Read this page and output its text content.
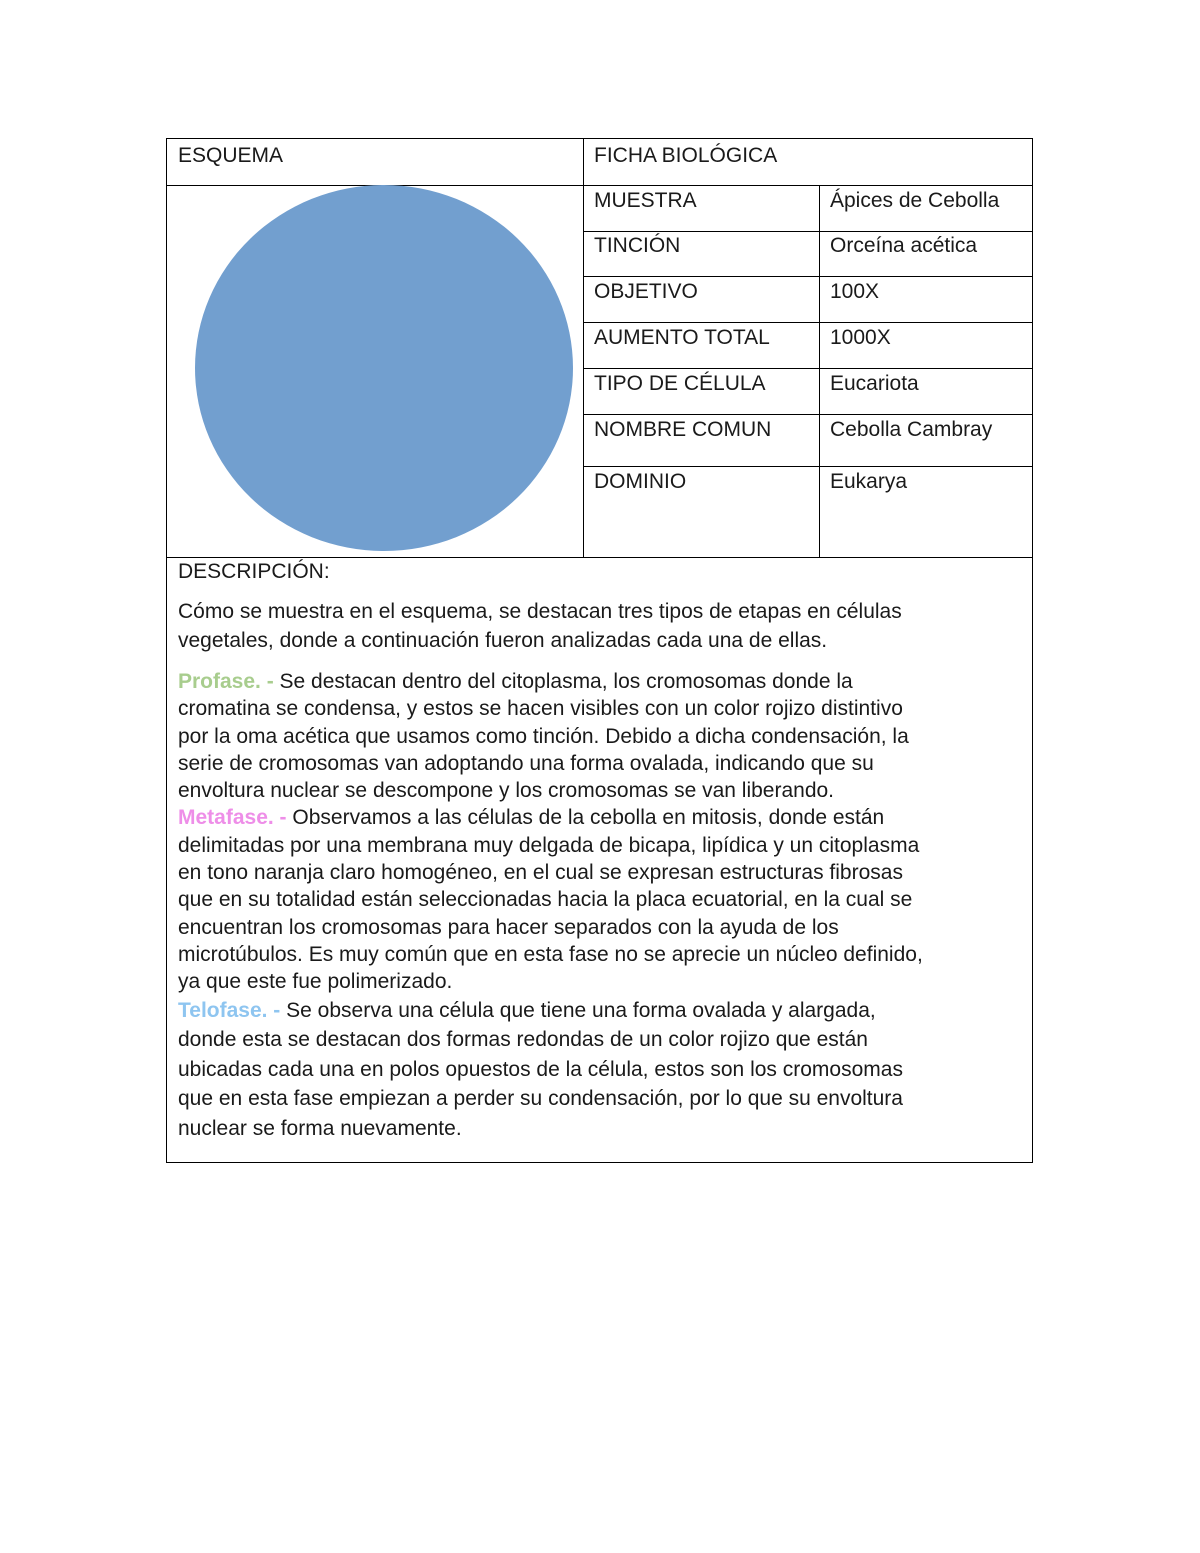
ESQUEMA	FICHA BIOLÓGICA
MUESTRA	Ápices de Cebolla
TINCIÓN	Orceína acética
OBJETIVO	100X
AUMENTO TOTAL	1000X
TIPO DE CÉLULA	Eucariota
NOMBRE COMUN	Cebolla Cambray
DOMINIO	Eukarya
DESCRIPCIÓN:
Cómo se muestra en el esquema, se destacan tres tipos de etapas en células
vegetales, donde a continuación fueron analizadas cada una de ellas.
Profase. - Se destacan dentro del citoplasma, los cromosomas donde la
cromatina se condensa, y estos se hacen visibles con un color rojizo distintivo
por la oma acética que usamos como tinción. Debido a dicha condensación, la
serie de cromosomas van adoptando una forma ovalada, indicando que su
envoltura nuclear se descompone y los cromosomas se van liberando.
Metafase. - Observamos a las células de la cebolla en mitosis, donde están
delimitadas por una membrana muy delgada de bicapa, lipídica y un citoplasma
en tono naranja claro homogéneo, en el cual se expresan estructuras fibrosas
que en su totalidad están seleccionadas hacia la placa ecuatorial, en la cual se
encuentran los cromosomas para hacer separados con la ayuda de los
microtúbulos. Es muy común que en esta fase no se aprecie un núcleo definido,
ya que este fue polimerizado.
Telofase. - Se observa una célula que tiene una forma ovalada y alargada,
donde esta se destacan dos formas redondas de un color rojizo que están
ubicadas cada una en polos opuestos de la célula, estos son los cromosomas
que en esta fase empiezan a perder su condensación, por lo que su envoltura
nuclear se forma nuevamente.
